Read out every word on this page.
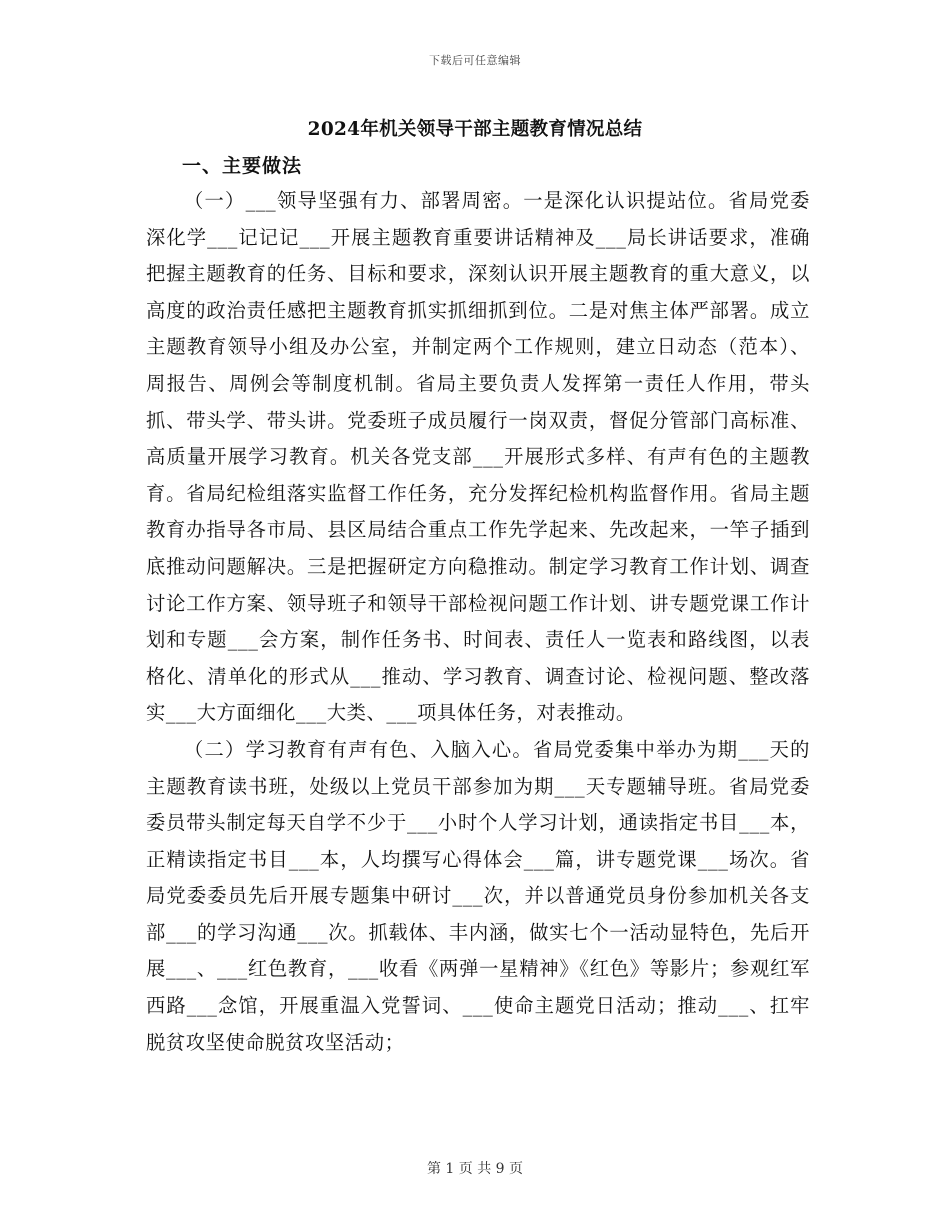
下载后可任意编辑
2024年机关领导干部主题教育情况总结
一、主要做法

（一）___领导坚强有力、部署周密。一是深化认识提站位。省局党委深化学___记记记___开展主题教育重要讲话精神及___局长讲话要求，准确把握主题教育的任务、目标和要求，深刻认识开展主题教育的重大意义，以高度的政治责任感把主题教育抓实抓细抓到位。二是对焦主体严部署。成立主题教育领导小组及办公室，并制定两个工作规则，建立日动态（范本）、周报告、周例会等制度机制。省局主要负责人发挥第一责任人作用，带头抓、带头学、带头讲。党委班子成员履行一岗双责，督促分管部门高标准、高质量开展学习教育。机关各党支部___开展形式多样、有声有色的主题教育。省局纪检组落实监督工作任务，充分发挥纪检机构监督作用。省局主题教育办指导各市局、县区局结合重点工作先学起来、先改起来，一竿子插到底推动问题解决。三是把握研定方向稳推动。制定学习教育工作计划、调查讨论工作方案、领导班子和领导干部检视问题工作计划、讲专题党课工作计划和专题___会方案，制作任务书、时间表、责任人一览表和路线图，以表格化、清单化的形式从___推动、学习教育、调查讨论、检视问题、整改落实___大方面细化___大类、___项具体任务，对表推动。

（二）学习教育有声有色、入脑入心。省局党委集中举办为期___天的主题教育读书班，处级以上党员干部参加为期___天专题辅导班。省局党委委员带头制定每天自学不少于___小时个人学习计划，通读指定书目___本，正精读指定书目___本，人均撰写心得体会___篇，讲专题党课___场次。省局党委委员先后开展专题集中研讨___次，并以普通党员身份参加机关各支部___的学习沟通___次。抓载体、丰内涵，做实七个一活动显特色，先后开展___、___红色教育，___收看《两弹一星精神》《红色》等影片；参观红军西路___念馆，开展重温入党誓词、___使命主题党日活动；推动___、扛牢脱贫攻坚使命脱贫攻坚活动；

第 1 页 共 9 页
